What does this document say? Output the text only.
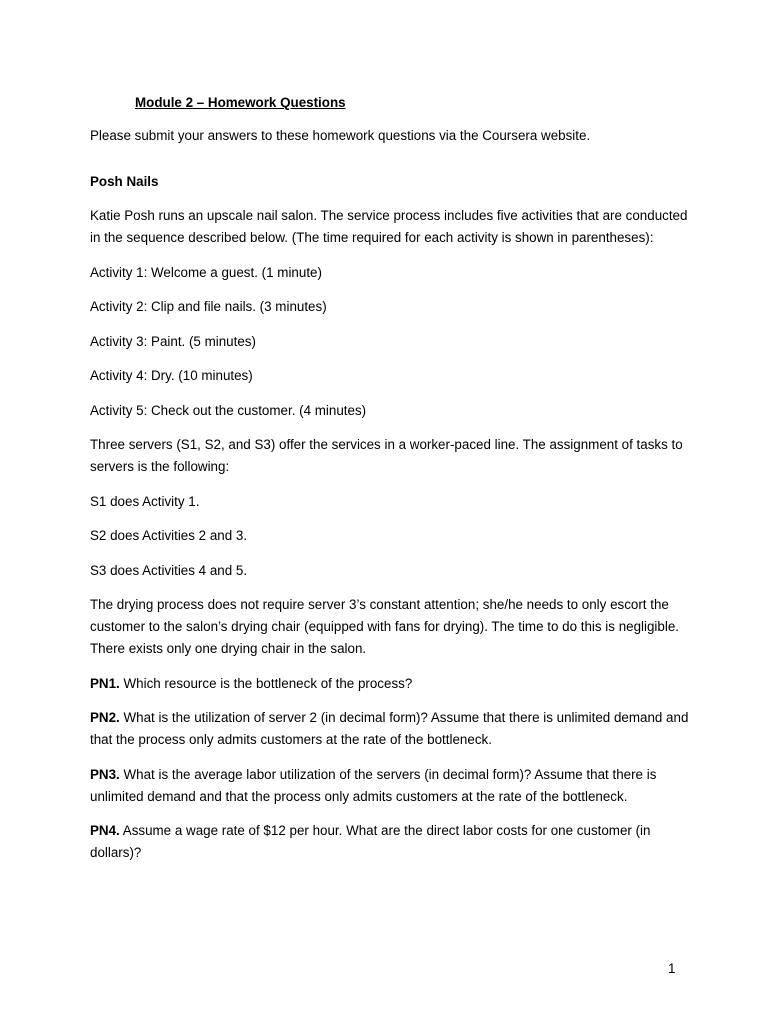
Module 2 – Homework Questions
Please submit your answers to these homework questions via the Coursera website.
Posh Nails
Katie Posh runs an upscale nail salon. The service process includes five activities that are conducted in the sequence described below. (The time required for each activity is shown in parentheses):
Activity 1: Welcome a guest. (1 minute)
Activity 2: Clip and file nails. (3 minutes)
Activity 3: Paint. (5 minutes)
Activity 4: Dry. (10 minutes)
Activity 5: Check out the customer. (4 minutes)
Three servers (S1, S2, and S3) offer the services in a worker-paced line. The assignment of tasks to servers is the following:
S1 does Activity 1.
S2 does Activities 2 and 3.
S3 does Activities 4 and 5.
The drying process does not require server 3’s constant attention; she/he needs to only escort the customer to the salon’s drying chair (equipped with fans for drying). The time to do this is negligible. There exists only one drying chair in the salon.
PN1. Which resource is the bottleneck of the process?
PN2. What is the utilization of server 2 (in decimal form)? Assume that there is unlimited demand and that the process only admits customers at the rate of the bottleneck.
PN3. What is the average labor utilization of the servers (in decimal form)? Assume that there is unlimited demand and that the process only admits customers at the rate of the bottleneck.
PN4. Assume a wage rate of $12 per hour. What are the direct labor costs for one customer (in dollars)?
1
